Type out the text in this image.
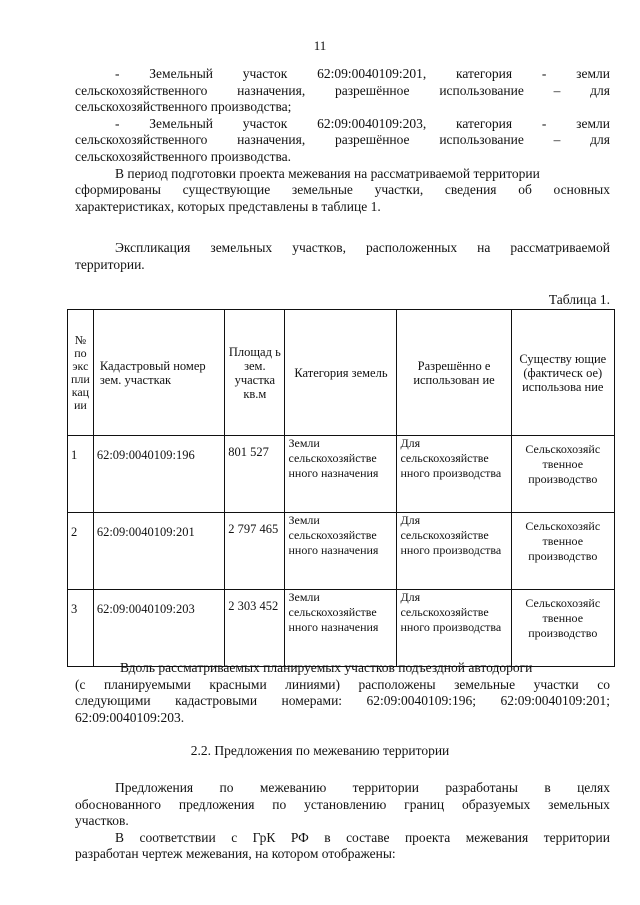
11
- Земельный участок 62:09:0040109:201, категория - земли
сельскохозяйственного назначения, разрешённое использование – для
сельскохозяйственного производства;
- Земельный участок 62:09:0040109:203, категория - земли
сельскохозяйственного назначения, разрешённое использование – для
сельскохозяйственного производства.
В период подготовки проекта межевания на рассматриваемой территории
сформированы существующие земельные участки, сведения об основных
характеристиках, которых представлены в таблице 1.
Экспликация земельных участков, расположенных на рассматриваемой
территории.
Таблица 1.
№ по экс пли кац ии	Кадастровый номер зем. участкак	Площад ь зем. участка кв.м	Категория земель	Разрешённо е использован ие	Существу ющие (фактическ ое) использова ние
1	62:09:0040109:196	801 527	Земли сельскохозяйстве нного назначения	Для сельскохозяйстве нного производства	Сельскохозяйс твенное производство
2	62:09:0040109:201	2 797 465	Земли сельскохозяйстве нного назначения	Для сельскохозяйстве нного производства	Сельскохозяйс твенное производство
3	62:09:0040109:203	2 303 452	Земли сельскохозяйстве нного назначения	Для сельскохозяйстве нного производства	Сельскохозяйс твенное производство
Вдоль рассматриваемых планируемых участков подъездной автодороги
(с планируемыми красными линиями) расположены земельные участки со
следующими кадастровыми номерами: 62:09:0040109:196; 62:09:0040109:201;
62:09:0040109:203.
2.2. Предложения по межеванию территории
Предложения по межеванию территории разработаны в целях
обоснованного предложения по установлению границ образуемых земельных
участков.
В соответствии с ГрК РФ в составе проекта межевания территории
разработан чертеж межевания, на котором отображены:
